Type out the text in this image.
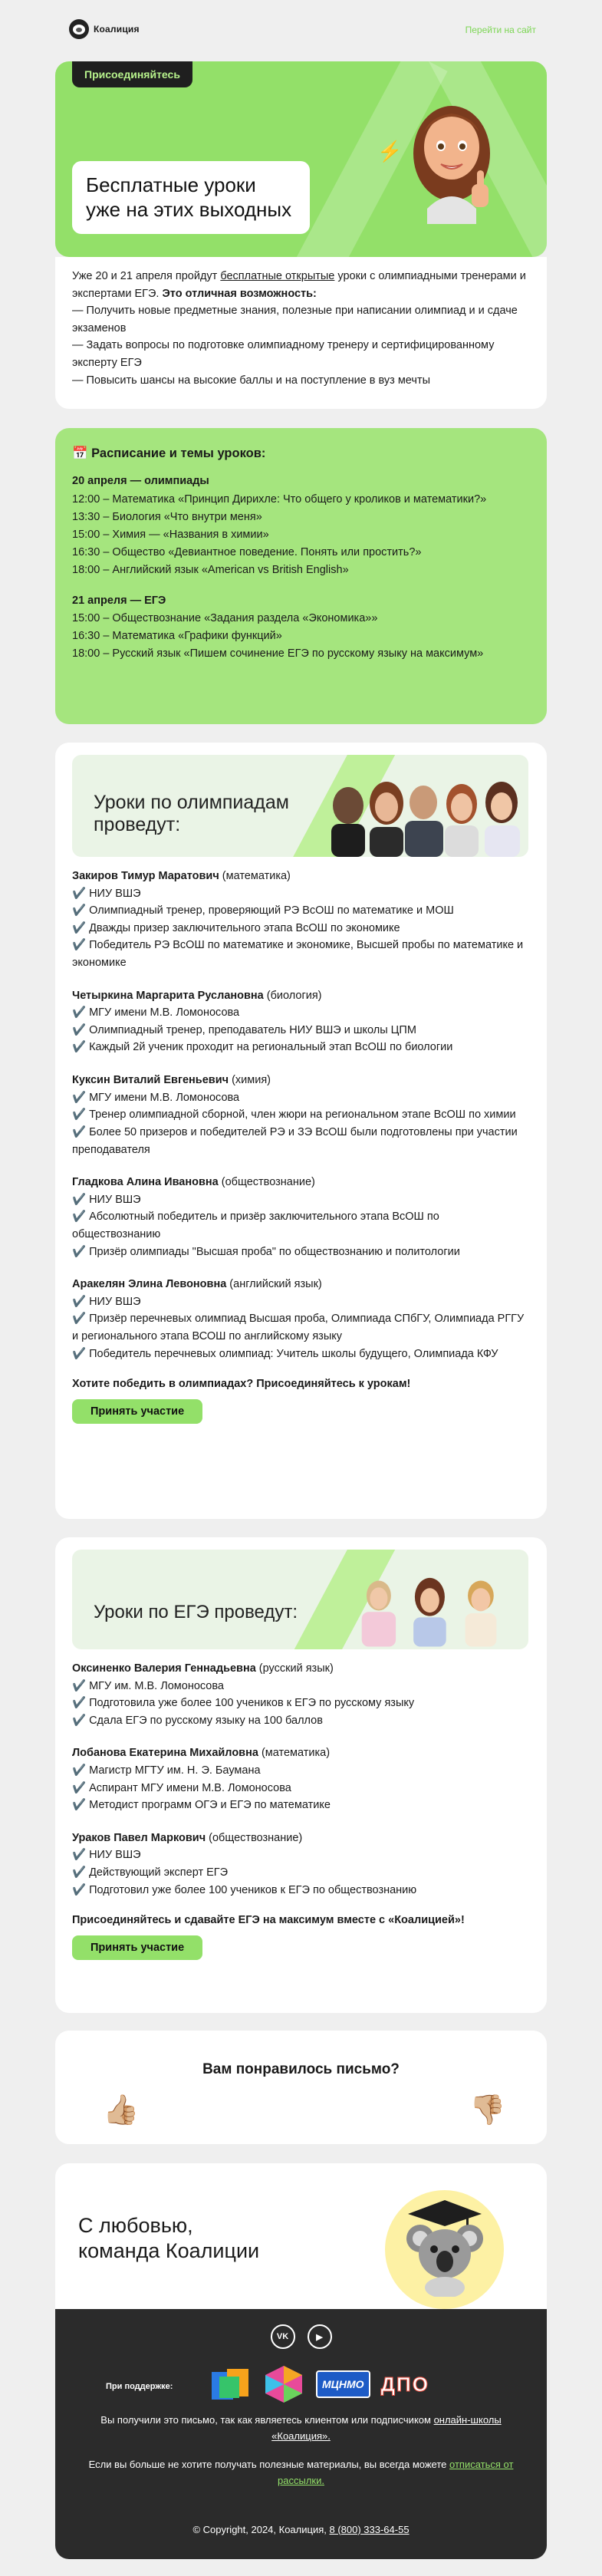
Коалиция	Перейти на сайт
Присоединяйтесь
⚡
Бесплатные уроки
уже на этих выходных

Уже 20 и 21 апреля пройдут бесплатные открытые уроки с олимпиадными тренерами и экспертами ЕГЭ. Это отличная возможность:

— Получить новые предметные знания, полезные при написании олимпиад и и сдаче экзаменов
— Задать вопросы по подготовке олимпиадному тренеру и сертифицированному эксперту ЕГЭ
— Повысить шансы на высокие баллы и на поступление в вуз мечты
📅 Расписание и темы уроков:
20 апреля — олимпиады
12:00 – Математика «Принцип Дирихле: Что общего у кроликов и математики?»
13:30 – Биология «Что внутри меня»
15:00 – Химия — «Названия в химии»
16:30 – Общество «Девиантное поведение. Понять или простить?»
18:00 – Английский язык «American vs British English»
21 апреля — ЕГЭ
15:00 – Обществознание «Задания раздела «Экономика»»
16:30 – Математика «Графики функций»
18:00 – Русский язык «Пишем сочинение ЕГЭ по русскому языку на максимум»
Уроки по олимпиадам
проведут:
Закиров Тимур Маратович (математика)
✔️ НИУ ВШЭ
✔️ Олимпиадный тренер, проверяющий РЭ ВсОШ по математике и МОШ
✔️ Дважды призер заключительного этапа ВсОШ по экономике
✔️ Победитель РЭ ВсОШ по математике и экономике, Высшей пробы по математике и экономике
Четыркина Маргарита Руслановна (биология)
✔️ МГУ имени М.В. Ломоносова
✔️ Олимпиадный тренер, преподаватель НИУ ВШЭ и школы ЦПМ
✔️ Каждый 2й ученик проходит на региональный этап ВсОШ по биологии
Куксин Виталий Евгеньевич (химия)
✔️ МГУ имени М.В. Ломоносова
✔️ Тренер олимпиадной сборной, член жюри на региональном этапе ВсОШ по химии
✔️ Более 50 призеров и победителей РЭ и ЗЭ ВсОШ были подготовлены при участии преподавателя
Гладкова Алина Ивановна (обществознание)
✔️ НИУ ВШЭ
✔️ Абсолютный победитель и призёр заключительного этапа ВсОШ по обществознанию
✔️ Призёр олимпиады "Высшая проба" по обществознанию и политологии
Аракелян Элина Левоновна (английский язык)
✔️ НИУ ВШЭ
✔️ Призёр перечневых олимпиад Высшая проба, Олимпиада СПбГУ, Олимпиада РГГУ и регионального этапа ВСОШ по английскому языку
✔️ Победитель перечневых олимпиад: Учитель школы будущего, Олимпиада КФУ
Хотите победить в олимпиадах? Присоединяйтесь к урокам!
Принять участие
Уроки по ЕГЭ проведут:
Оксиненко Валерия Геннадьевна (русский язык)
✔️ МГУ им. М.В. Ломоносова
✔️ Подготовила уже более 100 учеников к ЕГЭ по русскому языку
✔️ Сдала ЕГЭ по русскому языку на 100 баллов
Лобанова Екатерина Михайловна (математика)
✔️ Магистр МГТУ им. Н. Э. Баумана
✔️ Аспирант МГУ имени М.В. Ломоносова
✔️ Методист программ ОГЭ и ЕГЭ по математике
Ураков Павел Маркович (обществознание)
✔️ НИУ ВШЭ
✔️ Действующий эксперт ЕГЭ
✔️ Подготовил уже более 100 учеников к ЕГЭ по обществознанию
Присоединяйтесь и сдавайте ЕГЭ на максимум вместе с «Коалицией»!
Принять участие
Вам понравилось письмо?
👍🏼	👎🏼
С любовью,
команда Коалиции
VK	▶
При поддержке:	МЦНМО ДПО
Вы получили это письмо, так как являетесь клиентом или подписчиком онлайн-школы «Коалиция».
Если вы больше не хотите получать полезные материалы, вы всегда можете отписаться от рассылки.
© Copyright, 2024, Коалиция, 8 (800) 333-64-55
